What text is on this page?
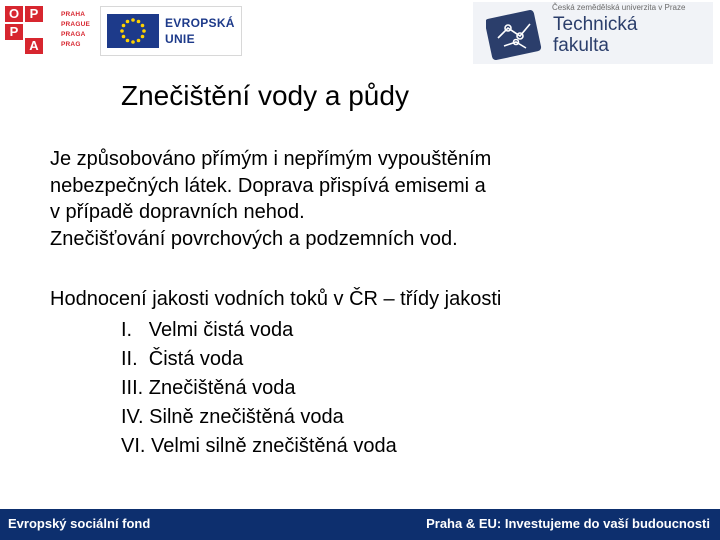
O P
P
A
PRAHA
PRAGUE
PRAGA
PRAG
EVROPSKÁ
UNIE
Česká zemědělská univerzita v Praze
Technická
fakulta
Znečištění vody a půdy
Je způsobováno přímým i nepřímým vypouštěním
nebezpečných látek. Doprava přispívá emisemi a
v případě dopravních nehod.
Znečišťování povrchových a podzemních vod.
Hodnocení jakosti vodních toků v ČR – třídy jakosti
I.   Velmi čistá voda
II.  Čistá voda
III. Znečištěná voda
IV. Silně znečištěná voda
VI. Velmi silně znečištěná voda
Evropský sociální fond	Praha & EU: Investujeme do vaší budoucnosti
